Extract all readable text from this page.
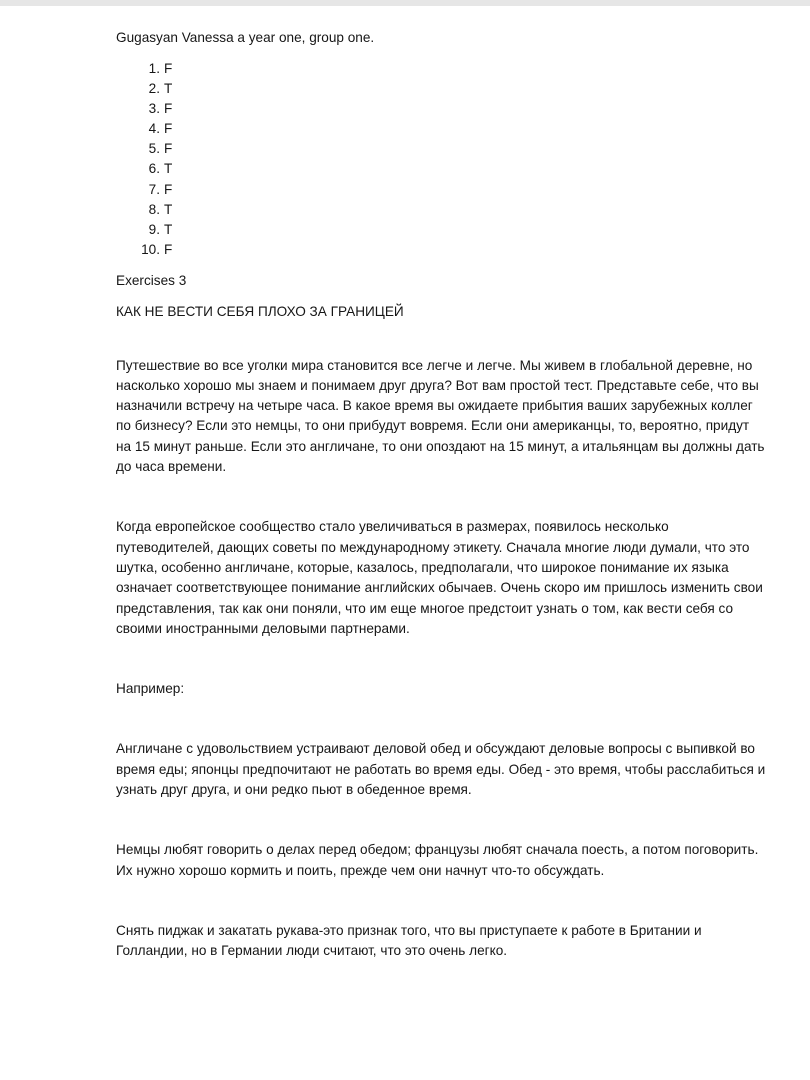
Gugasyan Vanessa a year one, group one.

1. F
2. T
3. F
4. F
5. F
6. T
7. F
8. T
9. T
10. F

Exercises 3

КАК НЕ ВЕСТИ СЕБЯ ПЛОХО ЗА ГРАНИЦЕЙ

Путешествие во все уголки мира становится все легче и легче. Мы живем в глобальной деревне, но насколько хорошо мы знаем и понимаем друг друга? Вот вам простой тест. Представьте себе, что вы назначили встречу на четыре часа. В какое время вы ожидаете прибытия ваших зарубежных коллег по бизнесу? Если это немцы, то они прибудут вовремя. Если они американцы, то, вероятно, придут на 15 минут раньше. Если это англичане, то они опоздают на 15 минут, а итальянцам вы должны дать до часа времени.

Когда европейское сообщество стало увеличиваться в размерах, появилось несколько путеводителей, дающих советы по международному этикету. Сначала многие люди думали, что это шутка, особенно англичане, которые, казалось, предполагали, что широкое понимание их языка означает соответствующее понимание английских обычаев. Очень скоро им пришлось изменить свои представления, так как они поняли, что им еще многое предстоит узнать о том, как вести себя со своими иностранными деловыми партнерами.

Например:

Англичане с удовольствием устраивают деловой обед и обсуждают деловые вопросы с выпивкой во время еды; японцы предпочитают не работать во время еды. Обед - это время, чтобы расслабиться и узнать друг друга, и они редко пьют в обеденное время.

Немцы любят говорить о делах перед обедом; французы любят сначала поесть, а потом поговорить. Их нужно хорошо кормить и поить, прежде чем они начнут что-то обсуждать.

Снять пиджак и закатать рукава-это признак того, что вы приступаете к работе в Британии и Голландии, но в Германии люди считают, что это очень легко.
